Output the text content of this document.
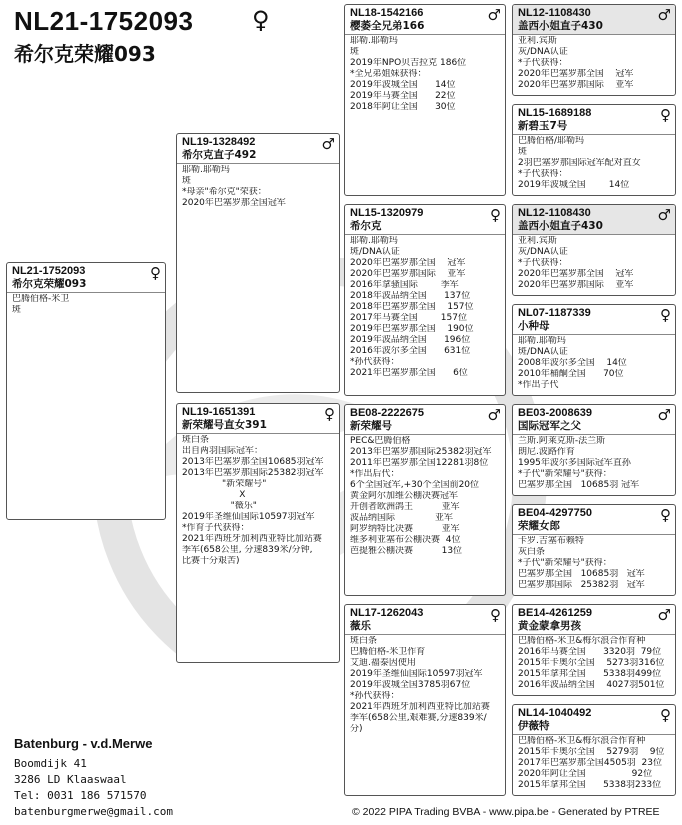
NL21-1752093 ♀
希尔克荣耀093
NL21-1752093
希尔克荣耀093
♀
巴腾伯格-米卫
斑
NL19-1328492
希尔克直子492
♂
耶勒.耶勒玛
斑
*母亲"希尔克"荣获：
2020年巴塞罗那全国冠军
NL19-1651391
新荣耀号直女391
♀
斑白条
出自两羽国际冠军：
2013年巴塞罗那全国10685羽冠军
2013年巴塞罗那国际25382羽冠军
"新荣耀号"
X
"薇乐"
2019年圣维仙国际10597羽冠军
*作育子代获得：
2021年西班牙加利西亚特比加站赛
季军(658公里, 分速839米/分钟,
比赛十分艰苦)
NL18-1542166
樱萎全兄弟166
♂
耶勒.耶勒玛
斑
2019年NPO贝吉拉克 186位
*全兄弟姐妹获得：
2019年波城全国      14位
2019年马赛全国      22位
2018年阿让全国      30位
NL15-1320979
希尔克
♀
耶勒.耶勒玛
斑/DNA认证
2020年巴塞罗那全国    冠军
2020年巴塞罗那国际    亚军
2016年拿骚国际        季军
2018年波品纳全国      137位
2018年巴塞罗那全国    157位
2017年马赛全国        157位
2019年巴塞罗那全国    190位
2019年波品纳全国      196位
2016年波尔多全国      631位
*孙代获得：
2021年巴塞罗那全国      6位
BE08-2222675
新荣耀号
♂
PEC&巴腾伯格
2013年巴塞罗那国际25382羽冠军
2011年巴塞罗那全国12281羽8位
*作出后代：
6个全国冠军,+30个全国前20位
黄金阿尔加维公棚决赛冠军
开创者欧洲鸽王          亚军
波品纳国际              亚军
阿罗纳特比决赛          亚军
维多利亚塞布公棚决赛  4位
芭提雅公棚决赛          13位
NL17-1262043
薇乐
♀
斑白条
巴腾伯格-米卫作育
艾迪.福泰因使用
2019年圣维仙国际10597羽冠军
2019年波城全国3785羽67位
*孙代获得：
2021年西班牙加利西亚特比加站赛
季军(658公里,艰难赛,分速839米/
分)
NL12-1108430
盖西小姐直子430
♂
亚利.宾斯
灰/DNA认证
*子代获得：
2020年巴塞罗那全国    冠军
2020年巴塞罗那国际    亚军
NL15-1689188
新碧玉7号
♀
巴腾伯格/耶勒玛
斑
2羽巴塞罗那国际冠军配对直女
*子代获得：
2019年波城全国        14位
NL12-1108430
盖西小姐直子430
♂
亚利.宾斯
灰/DNA认证
*子代获得：
2020年巴塞罗那全国    冠军
2020年巴塞罗那国际    亚军
NL07-1187339
小种母
♀
耶勒.耶勒玛
斑/DNA认证
2008年波尔多全国    14位
2010年桶酮全国      70位
*作出子代
BE03-2008639
国际冠军之父
♂
兰斯.阿莱克斯-法兰斯
朗尼.波路作育
1995年波尔多国际冠军直孙
*子代"新荣耀号"获得：
巴塞罗那全国   10685羽 冠军
BE04-4297750
荣耀女郎
♀
卡罗.吉塞布赖特
灰白条
*子代"新荣耀号"获得：
巴塞罗那全国   10685羽   冠军
巴塞罗那国际   25382羽   冠军
BE14-4261259
黄金蒙拿男孩
♂
巴腾伯格-米卫&梅尔浪合作育种
2016年马赛全国      3320羽  79位
2015年卡奥尔全国    5273羽316位
2015年拿邦全国      5338羽499位
2016年波品纳全国    4027羽501位
NL14-1040492
伊薇特
♀
巴腾伯格-米卫&梅尔浪合作育种
2015年卡奥尔全国    5279羽    9位
2017年巴塞罗那全国4505羽  23位
2020年阿让全国                92位
2015年拿邦全国      5338羽233位
Batenburg - v.d.Merwe
Boomdijk 41
3286 LD Klaaswaal
Tel: 0031 186 571570
batenburgmerwe@gmail.com	© 2022 PIPA Trading BVBA - www.pipa.be - Generated by PTREE
